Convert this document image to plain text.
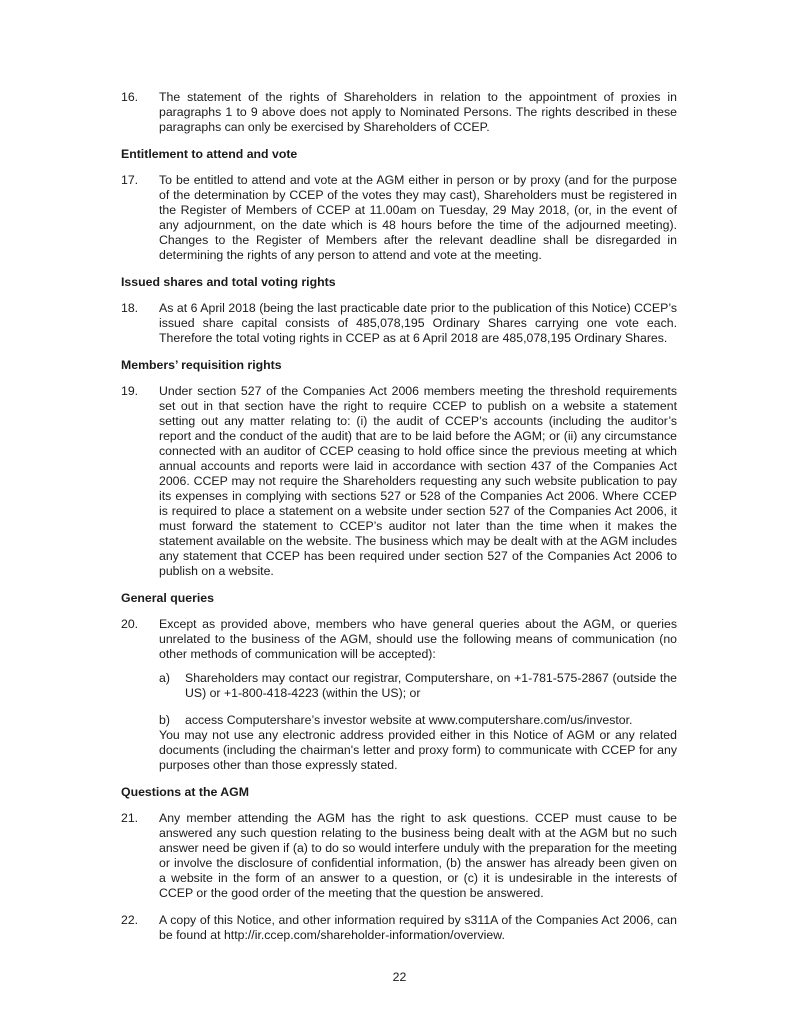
16.	The statement of the rights of Shareholders in relation to the appointment of proxies in paragraphs 1 to 9 above does not apply to Nominated Persons. The rights described in these paragraphs can only be exercised by Shareholders of CCEP.

Entitlement to attend and vote
17.	To be entitled to attend and vote at the AGM either in person or by proxy (and for the purpose of the determination by CCEP of the votes they may cast), Shareholders must be registered in the Register of Members of CCEP at 11.00am on Tuesday, 29 May 2018, (or, in the event of any adjournment, on the date which is 48 hours before the time of the adjourned meeting). Changes to the Register of Members after the relevant deadline shall be disregarded in determining the rights of any person to attend and vote at the meeting.

Issued shares and total voting rights
18.	As at 6 April 2018 (being the last practicable date prior to the publication of this Notice) CCEP’s issued share capital consists of 485,078,195 Ordinary Shares carrying one vote each. Therefore the total voting rights in CCEP as at 6 April 2018 are 485,078,195 Ordinary Shares.

Members’ requisition rights
19.	Under section 527 of the Companies Act 2006 members meeting the threshold requirements set out in that section have the right to require CCEP to publish on a website a statement setting out any matter relating to: (i) the audit of CCEP’s accounts (including the auditor’s report and the conduct of the audit) that are to be laid before the AGM; or (ii) any circumstance connected with an auditor of CCEP ceasing to hold office since the previous meeting at which annual accounts and reports were laid in accordance with section 437 of the Companies Act 2006. CCEP may not require the Shareholders requesting any such website publication to pay its expenses in complying with sections 527 or 528 of the Companies Act 2006. Where CCEP is required to place a statement on a website under section 527 of the Companies Act 2006, it must forward the statement to CCEP’s auditor not later than the time when it makes the statement available on the website. The business which may be dealt with at the AGM includes any statement that CCEP has been required under section 527 of the Companies Act 2006 to publish on a website.

General queries
20.	Except as provided above, members who have general queries about the AGM, or queries unrelated to the business of the AGM, should use the following means of communication (no other methods of communication will be accepted):

a)	Shareholders may contact our registrar, Computershare, on +1-781-575-2867 (outside the US) or +1-800-418-4223 (within the US); or
b)	access Computershare’s investor website at www.computershare.com/us/investor.

You may not use any electronic address provided either in this Notice of AGM or any related documents (including the chairman's letter and proxy form) to communicate with CCEP for any purposes other than those expressly stated.

Questions at the AGM
21.	Any member attending the AGM has the right to ask questions. CCEP must cause to be answered any such question relating to the business being dealt with at the AGM but no such answer need be given if (a) to do so would interfere unduly with the preparation for the meeting or involve the disclosure of confidential information, (b) the answer has already been given on a website in the form of an answer to a question, or (c) it is undesirable in the interests of CCEP or the good order of the meeting that the question be answered.

22.	A copy of this Notice, and other information required by s311A of the Companies Act 2006, can be found at http://ir.ccep.com/shareholder-information/overview.

22
